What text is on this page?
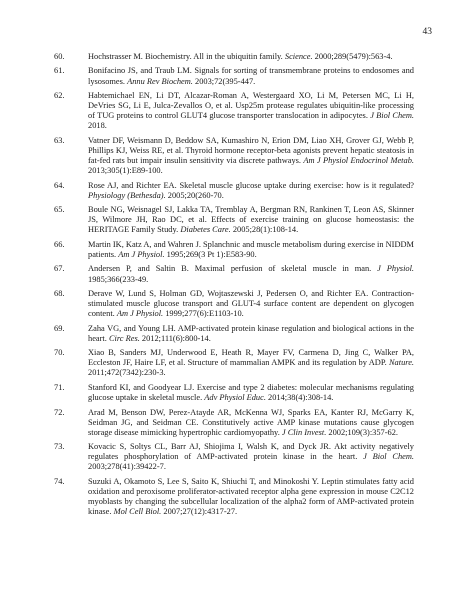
43
60.	Hochstrasser M. Biochemistry. All in the ubiquitin family. Science. 2000;289(5479):563-4.
61.	Bonifacino JS, and Traub LM. Signals for sorting of transmembrane proteins to endosomes and lysosomes. Annu Rev Biochem. 2003;72(395-447.
62.	Habtemichael EN, Li DT, Alcazar-Roman A, Westergaard XO, Li M, Petersen MC, Li H, DeVries SG, Li E, Julca-Zevallos O, et al. Usp25m protease regulates ubiquitin-like processing of TUG proteins to control GLUT4 glucose transporter translocation in adipocytes. J Biol Chem. 2018.
63.	Vatner DF, Weismann D, Beddow SA, Kumashiro N, Erion DM, Liao XH, Grover GJ, Webb P, Phillips KJ, Weiss RE, et al. Thyroid hormone receptor-beta agonists prevent hepatic steatosis in fat-fed rats but impair insulin sensitivity via discrete pathways. Am J Physiol Endocrinol Metab. 2013;305(1):E89-100.
64.	Rose AJ, and Richter EA. Skeletal muscle glucose uptake during exercise: how is it regulated? Physiology (Bethesda). 2005;20(260-70.
65.	Boule NG, Weisnagel SJ, Lakka TA, Tremblay A, Bergman RN, Rankinen T, Leon AS, Skinner JS, Wilmore JH, Rao DC, et al. Effects of exercise training on glucose homeostasis: the HERITAGE Family Study. Diabetes Care. 2005;28(1):108-14.
66.	Martin IK, Katz A, and Wahren J. Splanchnic and muscle metabolism during exercise in NIDDM patients. Am J Physiol. 1995;269(3 Pt 1):E583-90.
67.	Andersen P, and Saltin B. Maximal perfusion of skeletal muscle in man. J Physiol. 1985;366(233-49.
68.	Derave W, Lund S, Holman GD, Wojtaszewski J, Pedersen O, and Richter EA. Contraction-stimulated muscle glucose transport and GLUT-4 surface content are dependent on glycogen content. Am J Physiol. 1999;277(6):E1103-10.
69.	Zaha VG, and Young LH. AMP-activated protein kinase regulation and biological actions in the heart. Circ Res. 2012;111(6):800-14.
70.	Xiao B, Sanders MJ, Underwood E, Heath R, Mayer FV, Carmena D, Jing C, Walker PA, Eccleston JF, Haire LF, et al. Structure of mammalian AMPK and its regulation by ADP. Nature. 2011;472(7342):230-3.
71.	Stanford KI, and Goodyear LJ. Exercise and type 2 diabetes: molecular mechanisms regulating glucose uptake in skeletal muscle. Adv Physiol Educ. 2014;38(4):308-14.
72.	Arad M, Benson DW, Perez-Atayde AR, McKenna WJ, Sparks EA, Kanter RJ, McGarry K, Seidman JG, and Seidman CE. Constitutively active AMP kinase mutations cause glycogen storage disease mimicking hypertrophic cardiomyopathy. J Clin Invest. 2002;109(3):357-62.
73.	Kovacic S, Soltys CL, Barr AJ, Shiojima I, Walsh K, and Dyck JR. Akt activity negatively regulates phosphorylation of AMP-activated protein kinase in the heart. J Biol Chem. 2003;278(41):39422-7.
74.	Suzuki A, Okamoto S, Lee S, Saito K, Shiuchi T, and Minokoshi Y. Leptin stimulates fatty acid oxidation and peroxisome proliferator-activated receptor alpha gene expression in mouse C2C12 myoblasts by changing the subcellular localization of the alpha2 form of AMP-activated protein kinase. Mol Cell Biol. 2007;27(12):4317-27.
